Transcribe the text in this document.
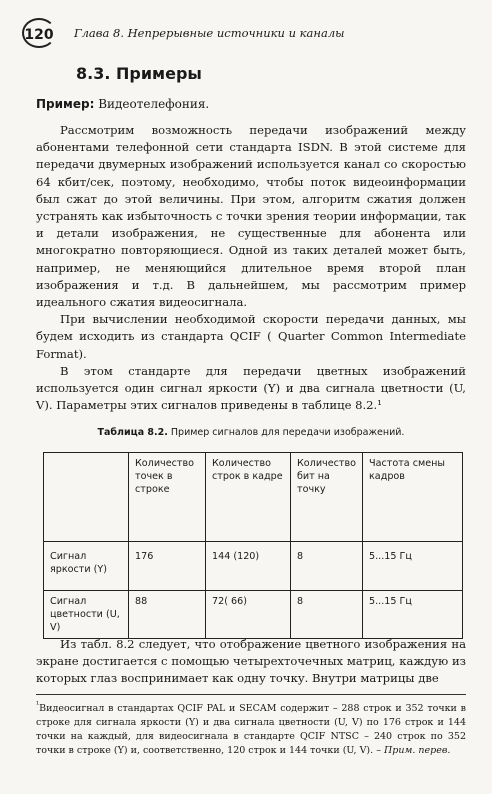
120 Глава 8. Непрерывные источники и каналы
8.3. Примеры
Пример: Видеотелефония.

Рассмотрим возможность передачи изображений между абонентами телефонной сети стандарта ISDN. В этой системе для передачи двумерных изображений используется канал со скоростью 64 кбит/сек, поэтому, необходимо, чтобы поток видеоинформации был сжат до этой величины. При этом, алгоритм сжатия должен устранять как избыточность с точки зрения теории информации, так и детали изображения, не существенные для абонента или многократно повторяющиеся. Одной из таких деталей может быть, например, не меняющийся длительное время второй план изображения и т.д. В дальнейшем, мы рассмотрим пример идеального сжатия видеосигнала.

При вычислении необходимой скорости передачи данных, мы будем исходить из стандарта QCIF ( Quarter Common Intermediate Format).

В этом стандарте для передачи цветных изображений используется один сигнал яркости (Y) и два сигнала цветности (U, V). Параметры этих сигналов приведены в таблице 8.2.¹

Таблица 8.2. Пример сигналов для передачи изображений.
	Количество точек в строке	Количество строк в кадре	Количество бит на точку	Частота смены кадров
Сигнал яркости (Y)	176	144 (120)	8	5...15 Гц
Сигнал цветности (U, V)	88	72( 66)	8	5...15 Гц

Из табл. 8.2 следует, что отображение цветного изображения на экране достигается с помощью четырехточечных матриц, каждую из которых глаз воспринимает как одну точку. Внутри матрицы две

$^{^1}$Видеосигнал в стандартах QCIF PAL и SECAM содержит – 288 строк и 352 точки в строке для сигнала яркости (Y) и два сигнала цветности (U, V) по 176 строк и 144 точки на каждый, для видеосигнала в стандарте QCIF NTSC – 240 строк по 352 точки в строке (Y) и, соответственно, 120 строк и 144 точки (U, V). – Прим. перев.
